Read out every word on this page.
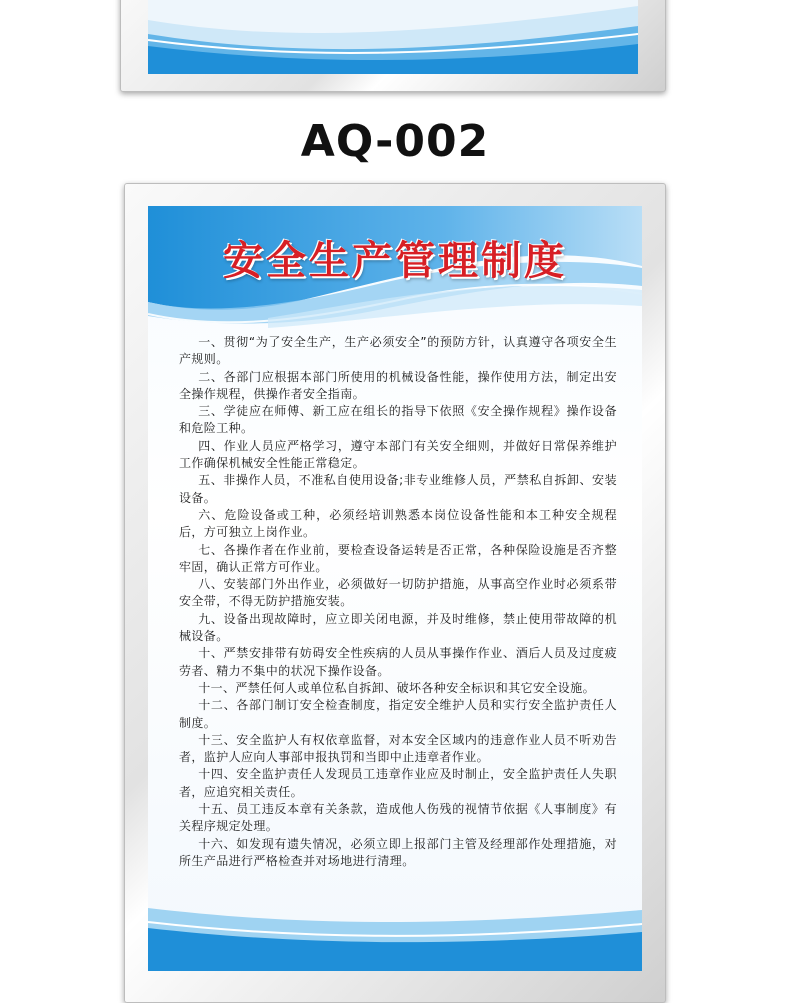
AQ-002
安全生产管理制度

一、贯彻“为了安全生产，生产必须安全”的预防方针，认真遵守各项安全生产规则。

二、各部门应根据本部门所使用的机械设备性能，操作使用方法，制定出安全操作规程，供操作者安全指南。

三、学徒应在师傅、新工应在组长的指导下依照《安全操作规程》操作设备和危险工种。

四、作业人员应严格学习，遵守本部门有关安全细则，并做好日常保养维护工作确保机械安全性能正常稳定。

五、非操作人员，不准私自使用设备;非专业维修人员，严禁私自拆卸、安装设备。

六、危险设备或工种，必须经培训熟悉本岗位设备性能和本工种安全规程后，方可独立上岗作业。

七、各操作者在作业前，要检查设备运转是否正常，各种保险设施是否齐整牢固，确认正常方可作业。

八、安装部门外出作业，必须做好一切防护措施，从事高空作业时必须系带安全带，不得无防护措施安装。

九、设备出现故障时，应立即关闭电源，并及时维修，禁止使用带故障的机械设备。

十、严禁安排带有妨碍安全性疾病的人员从事操作作业、酒后人员及过度疲劳者、精力不集中的状况下操作设备。

十一、严禁任何人或单位私自拆卸、破坏各种安全标识和其它安全设施。

十二、各部门制订安全检查制度，指定安全维护人员和实行安全监护责任人制度。

十三、安全监护人有权依章监督，对本安全区域内的违意作业人员不听劝告者，监护人应向人事部申报执罚和当即中止违章者作业。

十四、安全监护责任人发现员工违章作业应及时制止，安全监护责任人失职者，应追究相关责任。

十五、员工违反本章有关条款，造成他人伤残的视情节依据《人事制度》有关程序规定处理。

十六、如发现有遗失情况，必须立即上报部门主管及经理部作处理措施，对所生产品进行严格检查并对场地进行清理。
